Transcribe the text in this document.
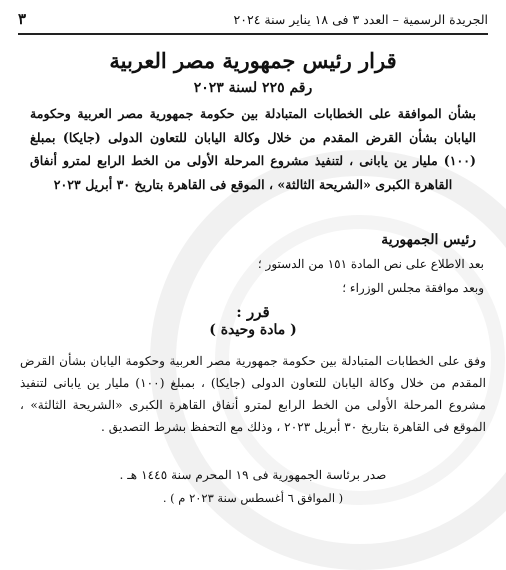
الجريدة الرسمية – العدد ٣ فى ١٨ يناير سنة ٢٠٢٤
٣
قرار رئيس جمهورية مصر العربية
رقم ٢٢٥ لسنة ٢٠٢٣
بشأن الموافقة على الخطابات المتبادلة بين حكومة جمهورية مصر العربية وحكومة اليابان بشأن القرض المقدم من خلال وكالة اليابان للتعاون الدولى (جايكا) بمبلغ (١٠٠) مليار ين يابانى ، لتنفيذ مشروع المرحلة الأولى من الخط الرابع لمترو أنفاق القاهرة الكبرى «الشريحة الثالثة» ، الموقع فى القاهرة بتاريخ ٣٠ أبريل ٢٠٢٣
رئيس الجمهورية
بعد الاطلاع على نص المادة ١٥١ من الدستور ؛
وبعد موافقة مجلس الوزراء ؛
قرر :
( مادة وحيدة )
وفق على الخطابات المتبادلة بين حكومة جمهورية مصر العربية وحكومة اليابان بشأن القرض المقدم من خلال وكالة اليابان للتعاون الدولى (جايكا) ، بمبلغ (١٠٠) مليار ين يابانى لتنفيذ مشروع المرحلة الأولى من الخط الرابع لمترو أنفاق القاهرة الكبرى «الشريحة الثالثة» ، الموقع فى القاهرة بتاريخ ٣٠ أبريل ٢٠٢٣ ، وذلك مع التحفظ بشرط التصديق .
صدر برئاسة الجمهورية فى ١٩ المحرم سنة ١٤٤٥ هـ .
( الموافق ٦ أغسطس سنة ٢٠٢٣ م ) .
